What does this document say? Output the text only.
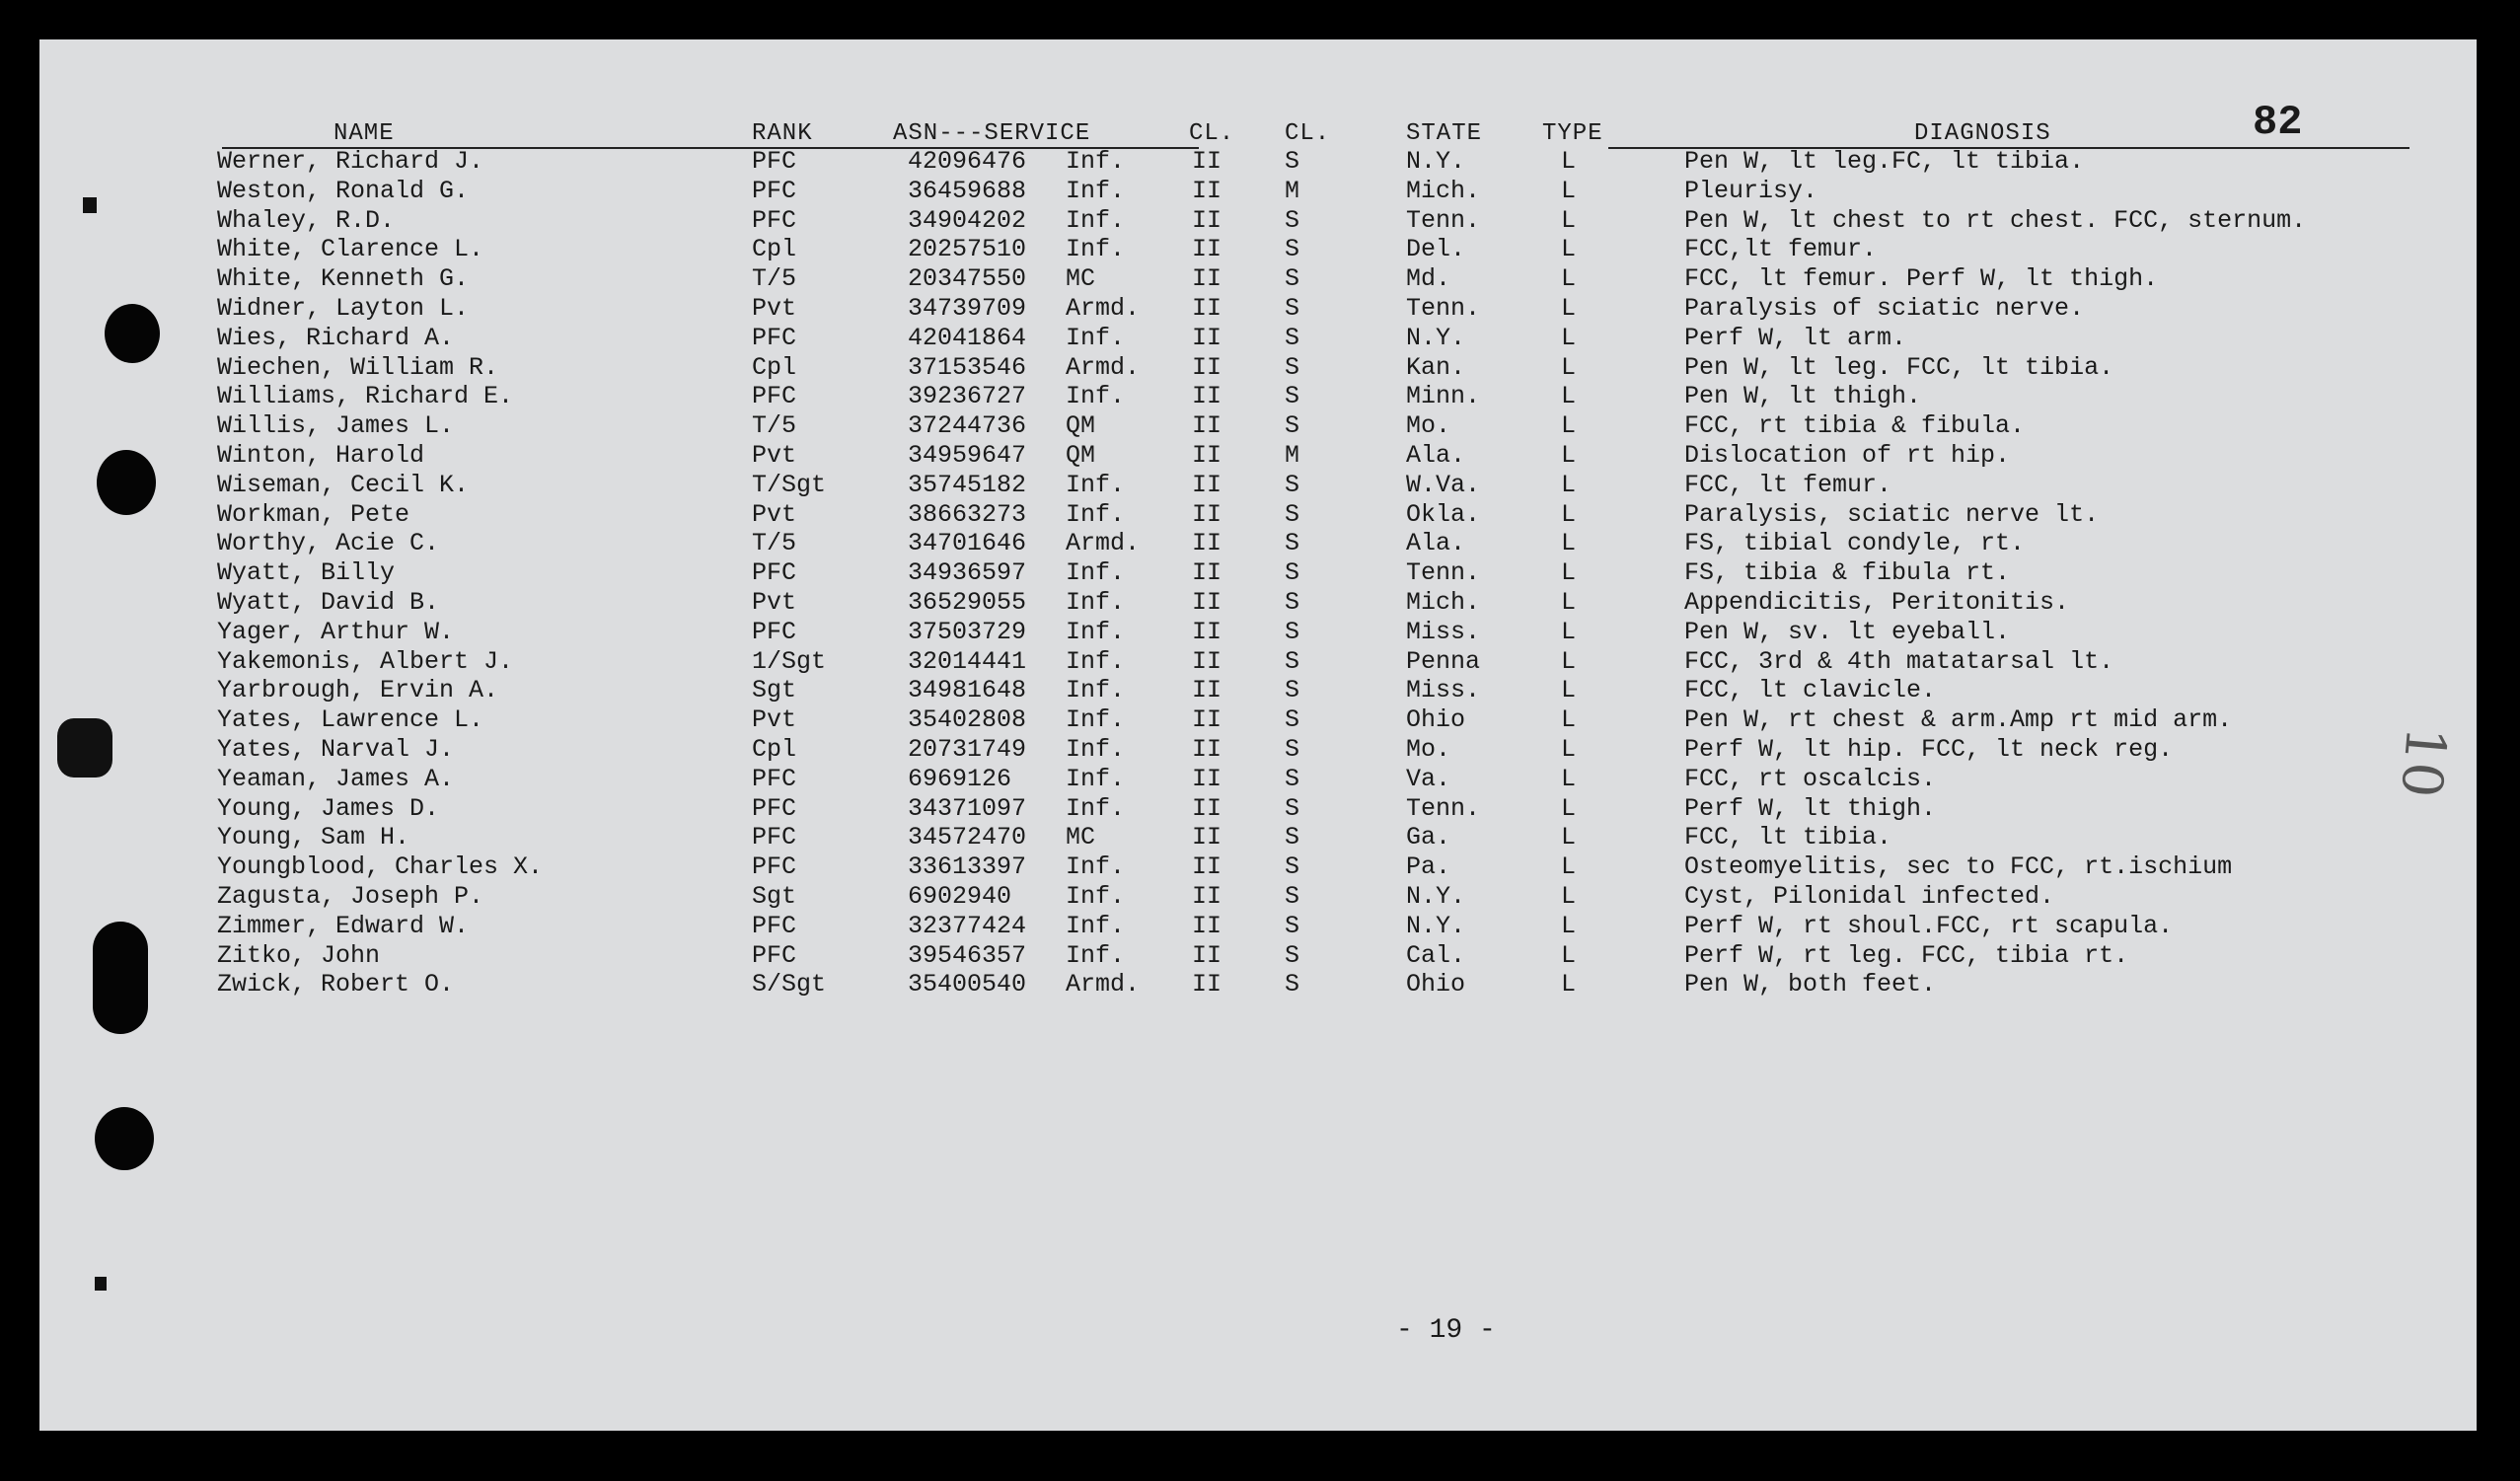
NAME	RANK	ASN---SERVICE	CL. CL.	STATE	TYPE	DIAGNOSIS	82
Werner, Richard J.	PFC	42096476 Inf.	II	S	N.Y.	L	Pen W, lt leg.FC, lt tibia.
Weston, Ronald G.	PFC	36459688 Inf.	II	M	Mich.	L	Pleurisy.
Whaley, R.D.	PFC	34904202 Inf.	II	S	Tenn.	L	Pen W, lt chest to rt chest. FCC, sternum.
White, Clarence L.	Cpl	20257510 Inf.	II	S	Del.	L	FCC,lt femur.
White, Kenneth G.	T/5	20347550 MC	II	S	Md.	L	FCC, lt femur. Perf W, lt thigh.
Widner, Layton L.	Pvt	34739709 Armd. II	S	Tenn.	L	Paralysis of sciatic nerve.
Wies, Richard A.	PFC	42041864 Inf.	II	S	N.Y.	L	Perf W, lt arm.
Wiechen, William R.	Cpl	37153546 Armd. II	S	Kan.	L	Pen W, lt leg. FCC, lt tibia.
Williams, Richard E.	PFC	39236727 Inf.	II	S	Minn.	L	Pen W, lt thigh.
Willis, James L.	T/5	37244736 QM	II	S	Mo.	L	FCC, rt tibia & fibula.
Winton, Harold	Pvt	34959647 QM	II	M	Ala.	L	Dislocation of rt hip.
Wiseman, Cecil K.	T/Sgt	35745182 Inf.	II	S	W.Va.	L	FCC, lt femur.
Workman, Pete	Pvt	38663273 Inf.	II	S	Okla.	L	Paralysis, sciatic nerve lt.
Worthy, Acie C.	T/5	34701646 Armd. II	S	Ala.	L	FS, tibial condyle, rt.
Wyatt, Billy	PFC	34936597 Inf.	II	S	Tenn.	L	FS, tibia & fibula rt.
Wyatt, David B.	Pvt	36529055 Inf.	II	S	Mich.	L	Appendicitis, Peritonitis.
Yager, Arthur W.	PFC	37503729 Inf.	II	S	Miss.	L	Pen W, sv. lt eyeball.
Yakemonis, Albert J.	1/Sgt	32014441 Inf.	II	S	Penna	L	FCC, 3rd & 4th matatarsal lt.
Yarbrough, Ervin A.	Sgt	34981648 Inf.	II	S	Miss.	L	FCC, lt clavicle.
Yates, Lawrence L.	Pvt	35402808 Inf.	II	S	Ohio	L	Pen W, rt chest & arm.Amp rt mid arm.
Yates, Narval J.	Cpl	20731749 Inf.	II	S	Mo.	L	Perf W, lt hip. FCC, lt neck reg.
Yeaman, James A.	PFC	6969126 Inf.	II	S	Va.	L	FCC, rt oscalcis.
Young, James D.	PFC	34371097 Inf.	II	S	Tenn.	L	Perf W, lt thigh.
Young, Sam H.	PFC	34572470 MC	II	S	Ga.	L	FCC, lt tibia.
Youngblood, Charles X.	PFC	33613397 Inf.	II	S	Pa.	L	Osteomyelitis, sec to FCC, rt.ischium
Zagusta, Joseph P.	Sgt	6902940 Inf.	II	S	N.Y.	L	Cyst, Pilonidal infected.
Zimmer, Edward W.	PFC	32377424 Inf.	II	S	N.Y.	L	Perf W, rt shoul.FCC, rt scapula.
Zitko, John	PFC	39546357 Inf.	II	S	Cal.	L	Perf W, rt leg. FCC, tibia rt.
Zwick, Robert O.	S/Sgt	35400540 Armd. II	S	Ohio	L	Pen W, both feet.
- 19 -
10
